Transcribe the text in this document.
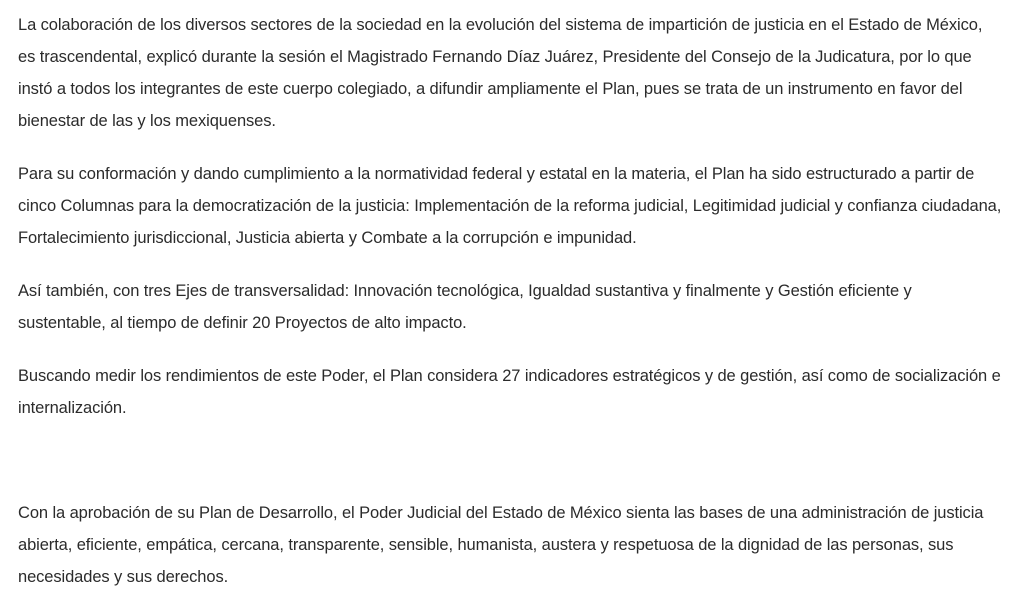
La colaboración de los diversos sectores de la sociedad en la evolución del sistema de impartición de justicia en el Estado de México, es trascendental, explicó durante la sesión el Magistrado Fernando Díaz Juárez, Presidente del Consejo de la Judicatura, por lo que instó a todos los integrantes de este cuerpo colegiado, a difundir ampliamente el Plan, pues se trata de un instrumento en favor del bienestar de las y los mexiquenses.

Para su conformación y dando cumplimiento a la normatividad federal y estatal en la materia, el Plan ha sido estructurado a partir de cinco Columnas para la democratización de la justicia: Implementación de la reforma judicial, Legitimidad judicial y confianza ciudadana, Fortalecimiento jurisdiccional, Justicia abierta y Combate a la corrupción e impunidad.

Así también, con tres Ejes de transversalidad: Innovación tecnológica, Igualdad sustantiva y finalmente y Gestión eficiente y sustentable, al tiempo de definir 20 Proyectos de alto impacto.

Buscando medir los rendimientos de este Poder, el Plan considera 27 indicadores estratégicos y de gestión, así como de socialización e internalización.

Con la aprobación de su Plan de Desarrollo, el Poder Judicial del Estado de México sienta las bases de una administración de justicia abierta, eficiente, empática, cercana, transparente, sensible, humanista, austera y respetuosa de la dignidad de las personas, sus necesidades y sus derechos.
